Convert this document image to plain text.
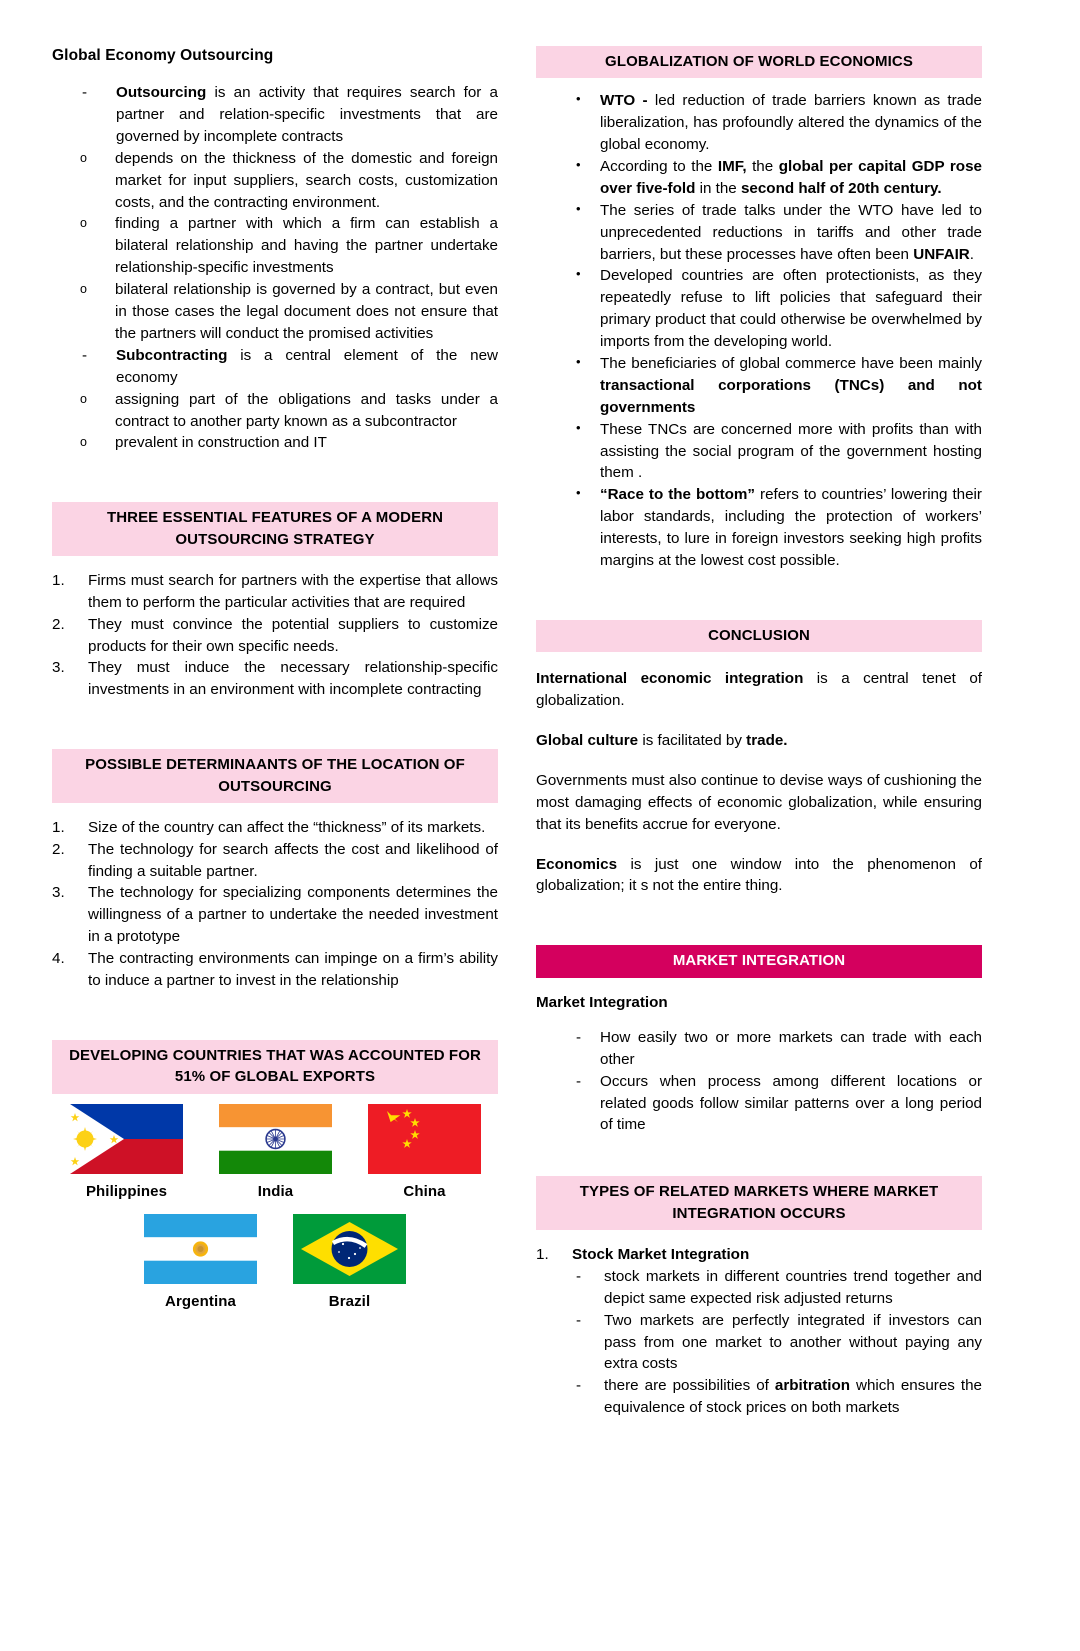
Global Economy Outsourcing
- Outsourcing is an activity that requires search for a partner and relation-specific investments that are governed by incomplete contracts
o depends on the thickness of the domestic and foreign market for input suppliers, search costs, customization costs, and the contracting environment.
o finding a partner with which a firm can establish a bilateral relationship and having the partner undertake relationship-specific investments
o bilateral relationship is governed by a contract, but even in those cases the legal document does not ensure that the partners will conduct the promised activities
- Subcontracting is a central element of the new economy
o assigning part of the obligations and tasks under a contract to another party known as a subcontractor
o prevalent in construction and IT
THREE ESSENTIAL FEATURES OF A MODERN OUTSOURCING STRATEGY
1.	Firms must search for partners with the expertise that allows them to perform the particular activities that are required
2.	They must convince the potential suppliers to customize products for their own specific needs.
3.	They must induce the necessary relationship-specific investments in an environment with incomplete contracting
POSSIBLE DETERMINAANTS OF THE LOCATION OF OUTSOURCING
1.	Size of the country can affect the “thickness” of its markets.
2.	The technology for search affects the cost and likelihood of finding a suitable partner.
3.	The technology for specializing components determines the willingness of a partner to undertake the needed investment in a prototype
4.	The contracting environments can impinge on a firm’s ability to induce a partner to invest in the relationship
DEVELOPING COUNTRIES THAT WAS ACCOUNTED FOR 51% OF GLOBAL EXPORTS
Philippines	India	China
Argentina	Brazil
GLOBALIZATION OF WORLD ECONOMICS
• WTO - led reduction of trade barriers known as trade liberalization, has profoundly altered the dynamics of the global economy.
• According to the IMF, the global per capital GDP rose over five-fold in the second half of 20th century.
• The series of trade talks under the WTO have led to unprecedented reductions in tariffs and other trade barriers, but these processes have often been UNFAIR.
• Developed countries are often protectionists, as they repeatedly refuse to lift policies that safeguard their primary product that could otherwise be overwhelmed by imports from the developing world.
• The beneficiaries of global commerce have been mainly transactional corporations (TNCs) and not governments
• These TNCs are concerned more with profits than with assisting the social program of the government hosting them .
• “Race to the bottom” refers to countries’ lowering their labor standards, including the protection of workers’ interests, to lure in foreign investors seeking high profits margins at the lowest cost possible.
CONCLUSION

International economic integration is a central tenet of globalization.

Global culture is facilitated by trade.

Governments must also continue to devise ways of cushioning the most damaging effects of economic globalization, while ensuring that its benefits accrue for everyone.

Economics is just one window into the phenomenon of globalization; it s not the entire thing.

MARKET INTEGRATION
Market Integration
- How easily two or more markets can trade with each other
- Occurs when process among different locations or related goods follow similar patterns over a long period of time
TYPES OF RELATED MARKETS WHERE MARKET INTEGRATION OCCURS
1.	Stock Market Integration
- stock markets in different countries trend together and depict same expected risk adjusted returns
- Two markets are perfectly integrated if investors can pass from one market to another without paying any extra costs
- there are possibilities of arbitration which ensures the equivalence of stock prices on both markets
